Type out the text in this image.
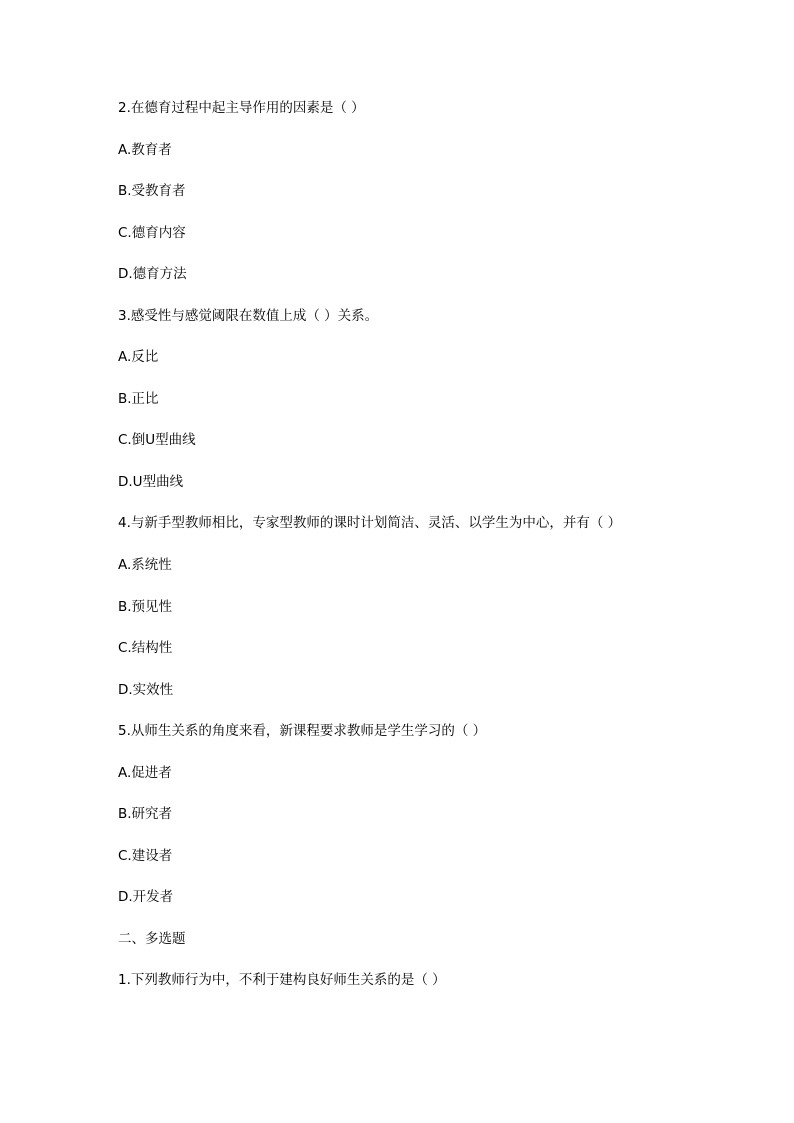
2.在德育过程中起主导作用的因素是（ ）
A.教育者
B.受教育者
C.德育内容
D.德育方法
3.感受性与感觉阈限在数值上成（ ）关系。
A.反比
B.正比
C.倒U型曲线
D.U型曲线
4.与新手型教师相比，专家型教师的课时计划简洁、灵活、以学生为中心，并有（ ）
A.系统性
B.预见性
C.结构性
D.实效性
5.从师生关系的角度来看，新课程要求教师是学生学习的（ ）
A.促进者
B.研究者
C.建设者
D.开发者
二、多选题
1.下列教师行为中，不利于建构良好师生关系的是（ ）
